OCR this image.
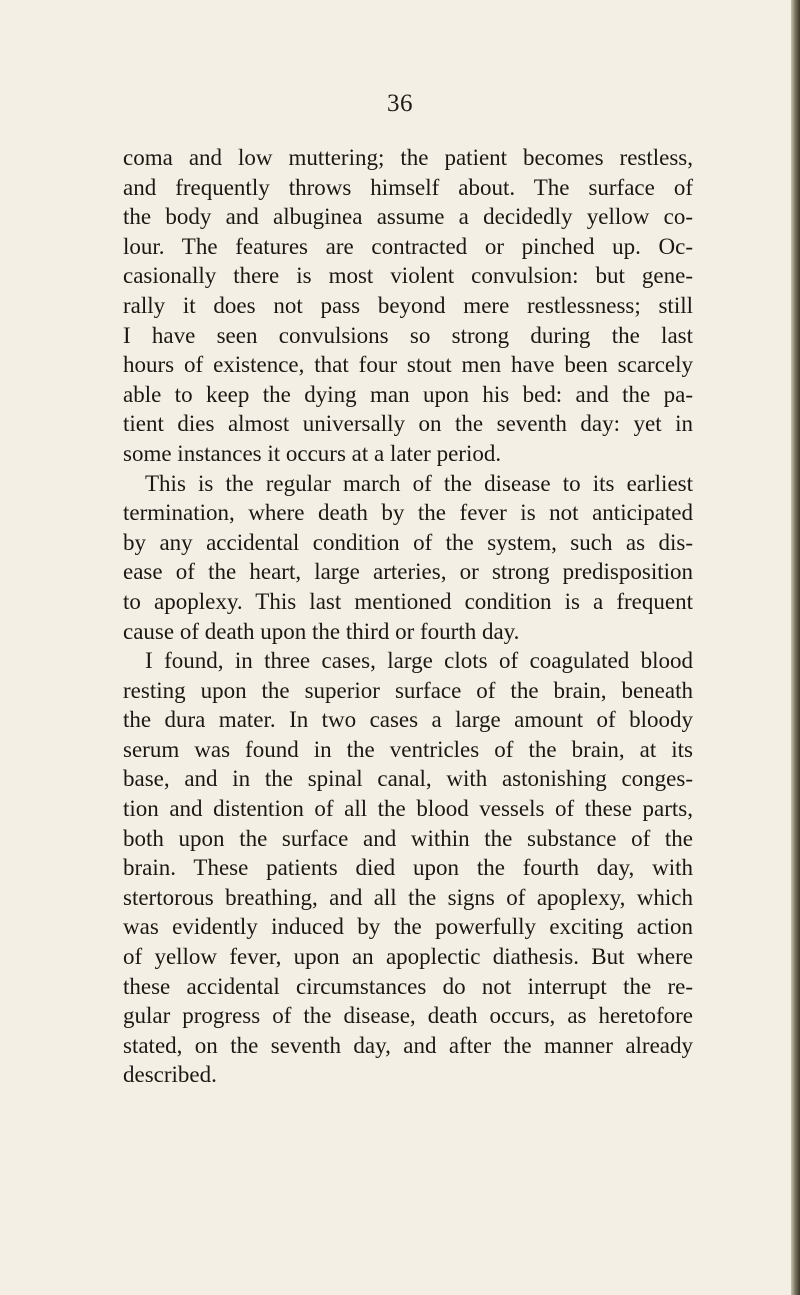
36
coma and low muttering; the patient becomes restless,
and frequently throws himself about. The surface of
the body and albuginea assume a decidedly yellow co-
lour. The features are contracted or pinched up. Oc-
casionally there is most violent convulsion: but gene-
rally it does not pass beyond mere restlessness; still
I have seen convulsions so strong during the last
hours of existence, that four stout men have been scarcely
able to keep the dying man upon his bed: and the pa-
tient dies almost universally on the seventh day: yet in
some instances it occurs at a later period.
This is the regular march of the disease to its earliest
termination, where death by the fever is not anticipated
by any accidental condition of the system, such as dis-
ease of the heart, large arteries, or strong predisposition
to apoplexy. This last mentioned condition is a frequent
cause of death upon the third or fourth day.
I found, in three cases, large clots of coagulated blood
resting upon the superior surface of the brain, beneath
the dura mater. In two cases a large amount of bloody
serum was found in the ventricles of the brain, at its
base, and in the spinal canal, with astonishing conges-
tion and distention of all the blood vessels of these parts,
both upon the surface and within the substance of the
brain. These patients died upon the fourth day, with
stertorous breathing, and all the signs of apoplexy, which
was evidently induced by the powerfully exciting action
of yellow fever, upon an apoplectic diathesis. But where
these accidental circumstances do not interrupt the re-
gular progress of the disease, death occurs, as heretofore
stated, on the seventh day, and after the manner already
described.
